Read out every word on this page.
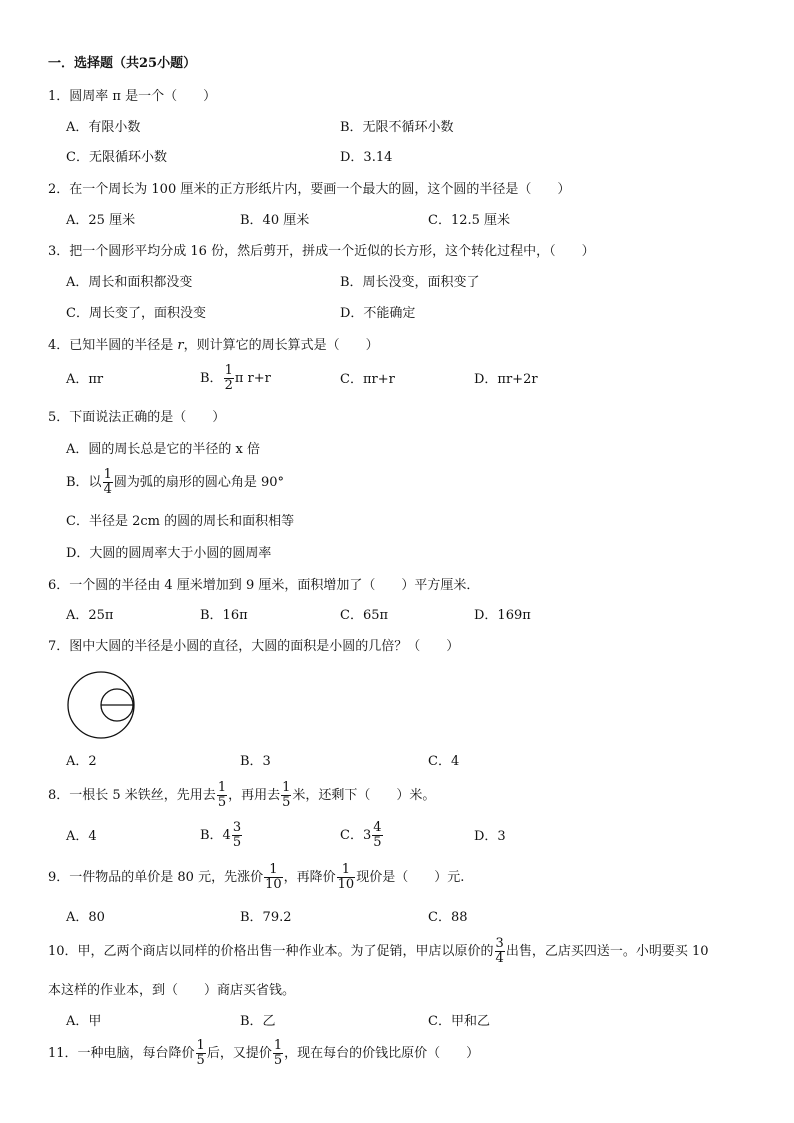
一．选择题（共25小题）
1．圆周率 π 是一个（　　）
A．有限小数	B．无限不循环小数
C．无限循环小数	D．3.14
2．在一个周长为 100 厘米的正方形纸片内，要画一个最大的圆，这个圆的半径是（　　）
A．25 厘米	B．40 厘米	C．12.5 厘米
3．把一个圆形平均分成 16 份，然后剪开，拼成一个近似的长方形，这个转化过程中，（　　）
A．周长和面积都没变	B．周长没变，面积变了
C．周长变了，面积没变	D．不能确定
4．已知半圆的半径是 r，则计算它的周长算式是（　　）
A．πr	B． $\frac{1}{2}$ π r+r	C．πr+r	D．πr+2r
5．下面说法正确的是（　　）
A．圆的周长总是它的半径的 x 倍
B．以 $\frac{1}{4}$ 圆为弧的扇形的圆心角是 90°
C．半径是 2cm 的圆的周长和面积相等
D．大圆的圆周率大于小圆的圆周率
6．一个圆的半径由 4 厘米增加到 9 厘米，面积增加了（　　）平方厘米．
A．25π	B．16π	C．65π	D．169π
7．图中大圆的半径是小圆的直径，大圆的面积是小圆的几倍？（　　）
A．2	B．3	C．4
8．一根长 5 米铁丝，先用去 $\frac{1}{5}$ ，再用去 $\frac{1}{5}$ 米，还剩下（　　）米。
A．4	B．$4 \frac{3}{5}$	C．$3 \frac{4}{5}$	D．3
9．一件物品的单价是 80 元，先涨价 $\frac{1}{10}$ ，再降价 $\frac{1}{10}$ 现价是（　　）元.
A．80	B．79.2	C．88
10．甲，乙两个商店以同样的价格出售一种作业本。为了促销，甲店以原价的 $\frac{3}{4}$ 出售，乙店买四送一。小明要买 10
本这样的作业本，到（　　）商店买省钱。
A．甲	B．乙	C．甲和乙
11．一种电脑，每台降价 $\frac{1}{5}$ 后，又提价 $\frac{1}{5}$ ，现在每台的价钱比原价（　　）
